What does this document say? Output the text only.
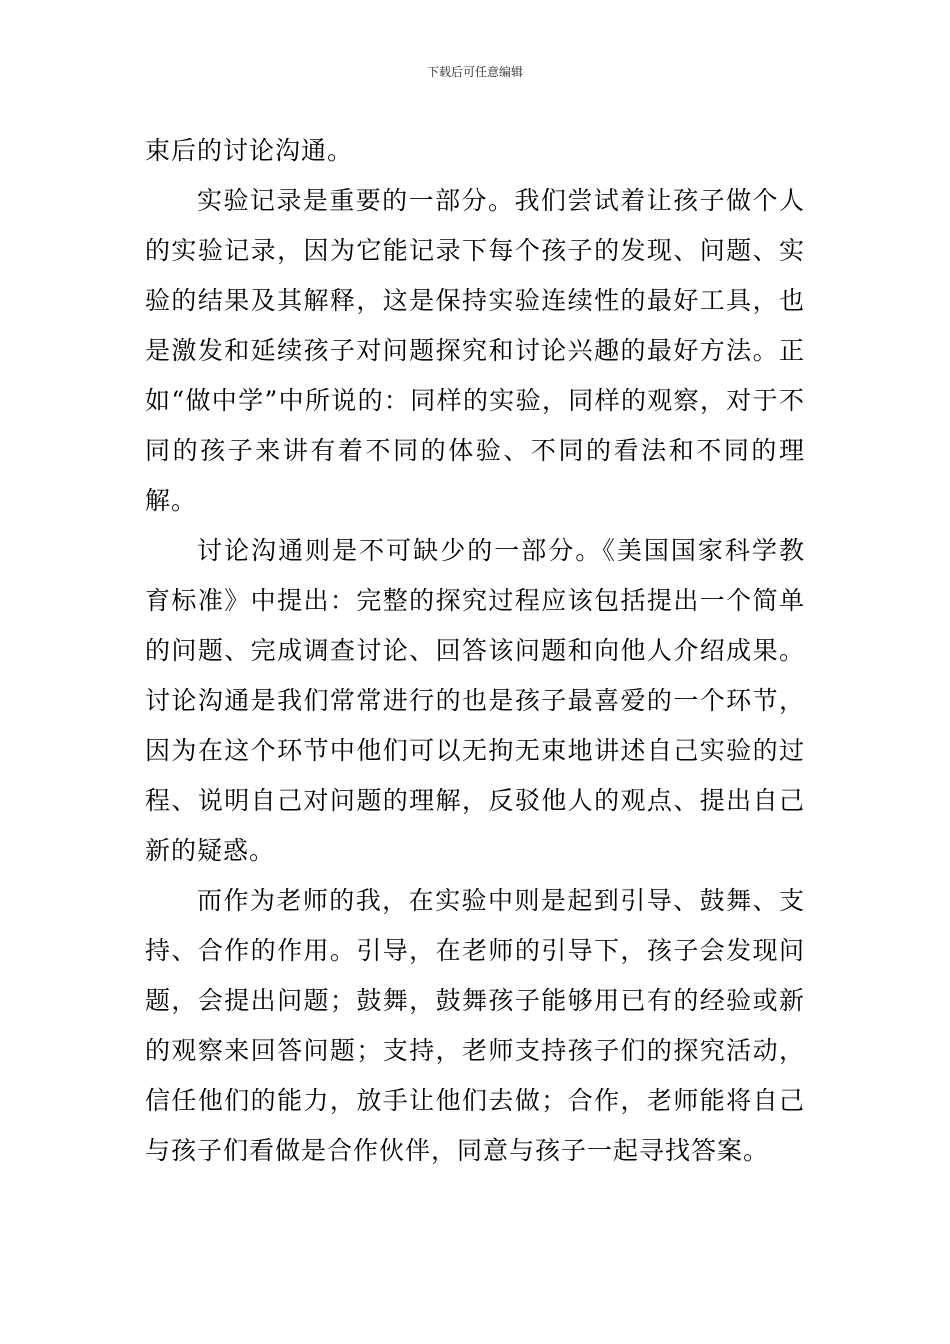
下载后可任意编辑

束后的讨论沟通。

实验记录是重要的一部分。我们尝试着让孩子做个人的实验记录，因为它能记录下每个孩子的发现、问题、实验的结果及其解释，这是保持实验连续性的最好工具，也是激发和延续孩子对问题探究和讨论兴趣的最好方法。正如“做中学”中所说的：同样的实验，同样的观察，对于不同的孩子来讲有着不同的体验、不同的看法和不同的理解。

讨论沟通则是不可缺少的一部分。《美国国家科学教育标准》中提出：完整的探究过程应该包括提出一个简单的问题、完成调查讨论、回答该问题和向他人介绍成果。讨论沟通是我们常常进行的也是孩子最喜爱的一个环节，因为在这个环节中他们可以无拘无束地讲述自己实验的过程、说明自己对问题的理解，反驳他人的观点、提出自己新的疑惑。

而作为老师的我，在实验中则是起到引导、鼓舞、支持、合作的作用。引导，在老师的引导下，孩子会发现问题，会提出问题；鼓舞，鼓舞孩子能够用已有的经验或新的观察来回答问题；支持，老师支持孩子们的探究活动，信任他们的能力，放手让他们去做；合作，老师能将自己与孩子们看做是合作伙伴，同意与孩子一起寻找答案。
